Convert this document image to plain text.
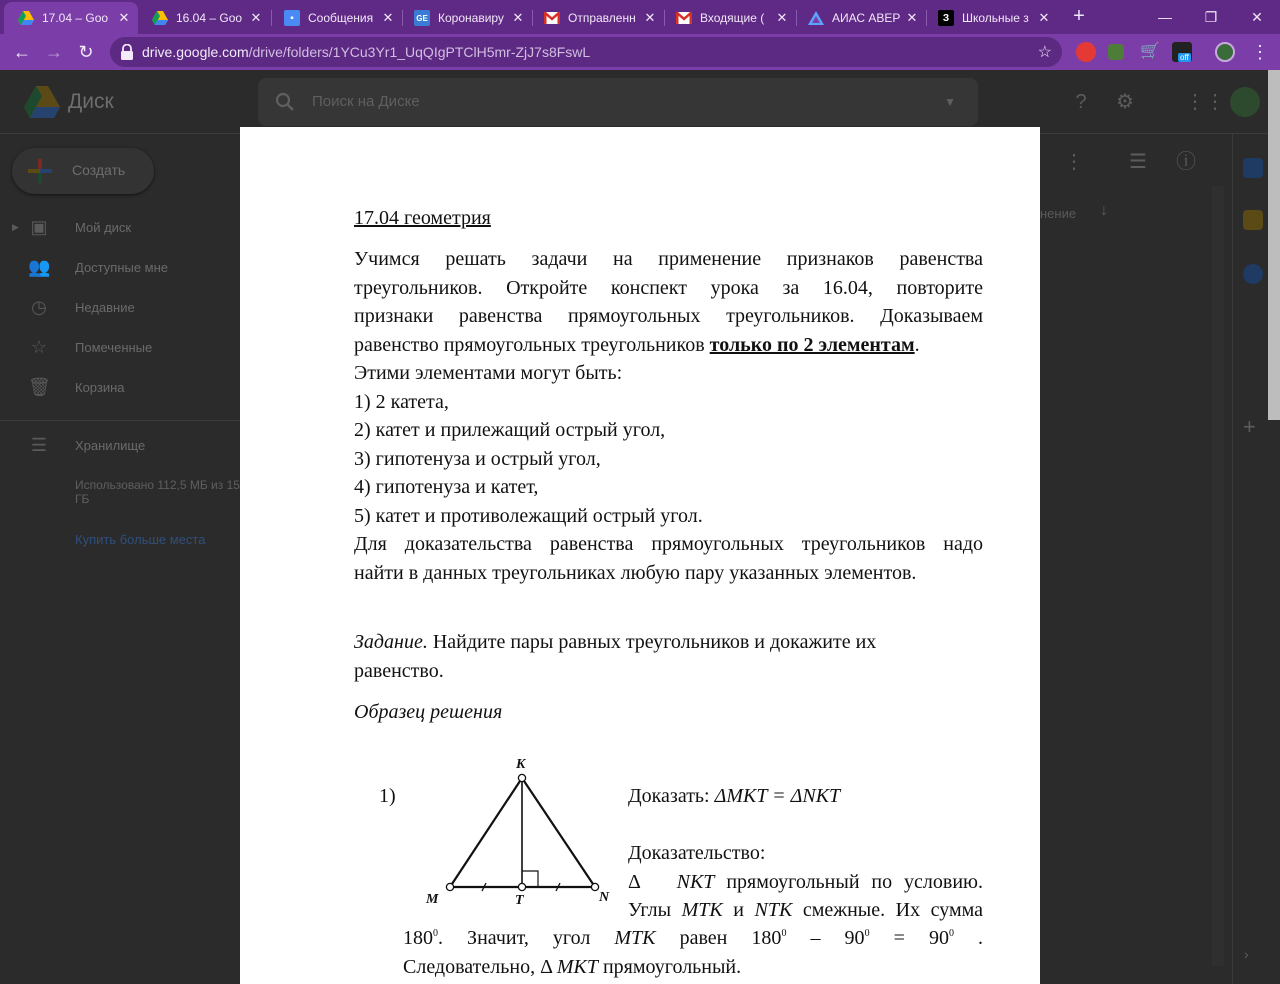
17.04 – Goo ✕	16.04 – Goo ✕	▪	Сообщения ✕	GE Коронавиру ✕	Отправленн ✕	Входящие ( ✕	АИАС АВЕР ✕	З	Школьные з ✕ +	—	❐	✕
← → ↻	drive.google.com/drive/folders/1YCu3Yr1_UqQIgPTClH5mr-ZjJ7s8FswL	☆	🛒	off	⋮
Диск	Поиск на Диске	▼	?	⚙	⋮⋮
Создать
▶ ▣ Мой диск
👥 Доступные мне
◷ Недавние
☆ Помеченные
🗑 Корзина
☰ Хранилище
Использовано 112,5 МБ из 15 ГБ
Купить больше места
⋮ ☰ ⓘ
нение ↓
+
›
17.04 геометрия
Учимся решать задачи на применение признаков равенства
треугольников. Откройте конспект урока за 16.04, повторите
признаки равенства прямоугольных треугольников. Доказываем
равенство прямоугольных треугольников только по 2 элементам.
Этими элементами могут быть:
1) 2 катета,
2) катет и прилежащий острый угол,
3) гипотенуза и острый угол,
4) гипотенуза и катет,
5) катет и противолежащий острый угол.
Для доказательства равенства прямоугольных треугольников надо
найти в данных треугольниках любую пару указанных элементов.
Задание. Найдите пары равных треугольников и докажите их
равенство.
Образец решения
1)
K
M	T	N
Доказать: ΔMKT = ΔNKT
Доказательство:
Δ NKT прямоугольный по условию.
Углы MTK и NTK смежные. Их сумма
$180^0$. Значит, угол MTK равен $180^0 - 90^0 = 90^0$ .
Следовательно, Δ MKT прямоугольный.
